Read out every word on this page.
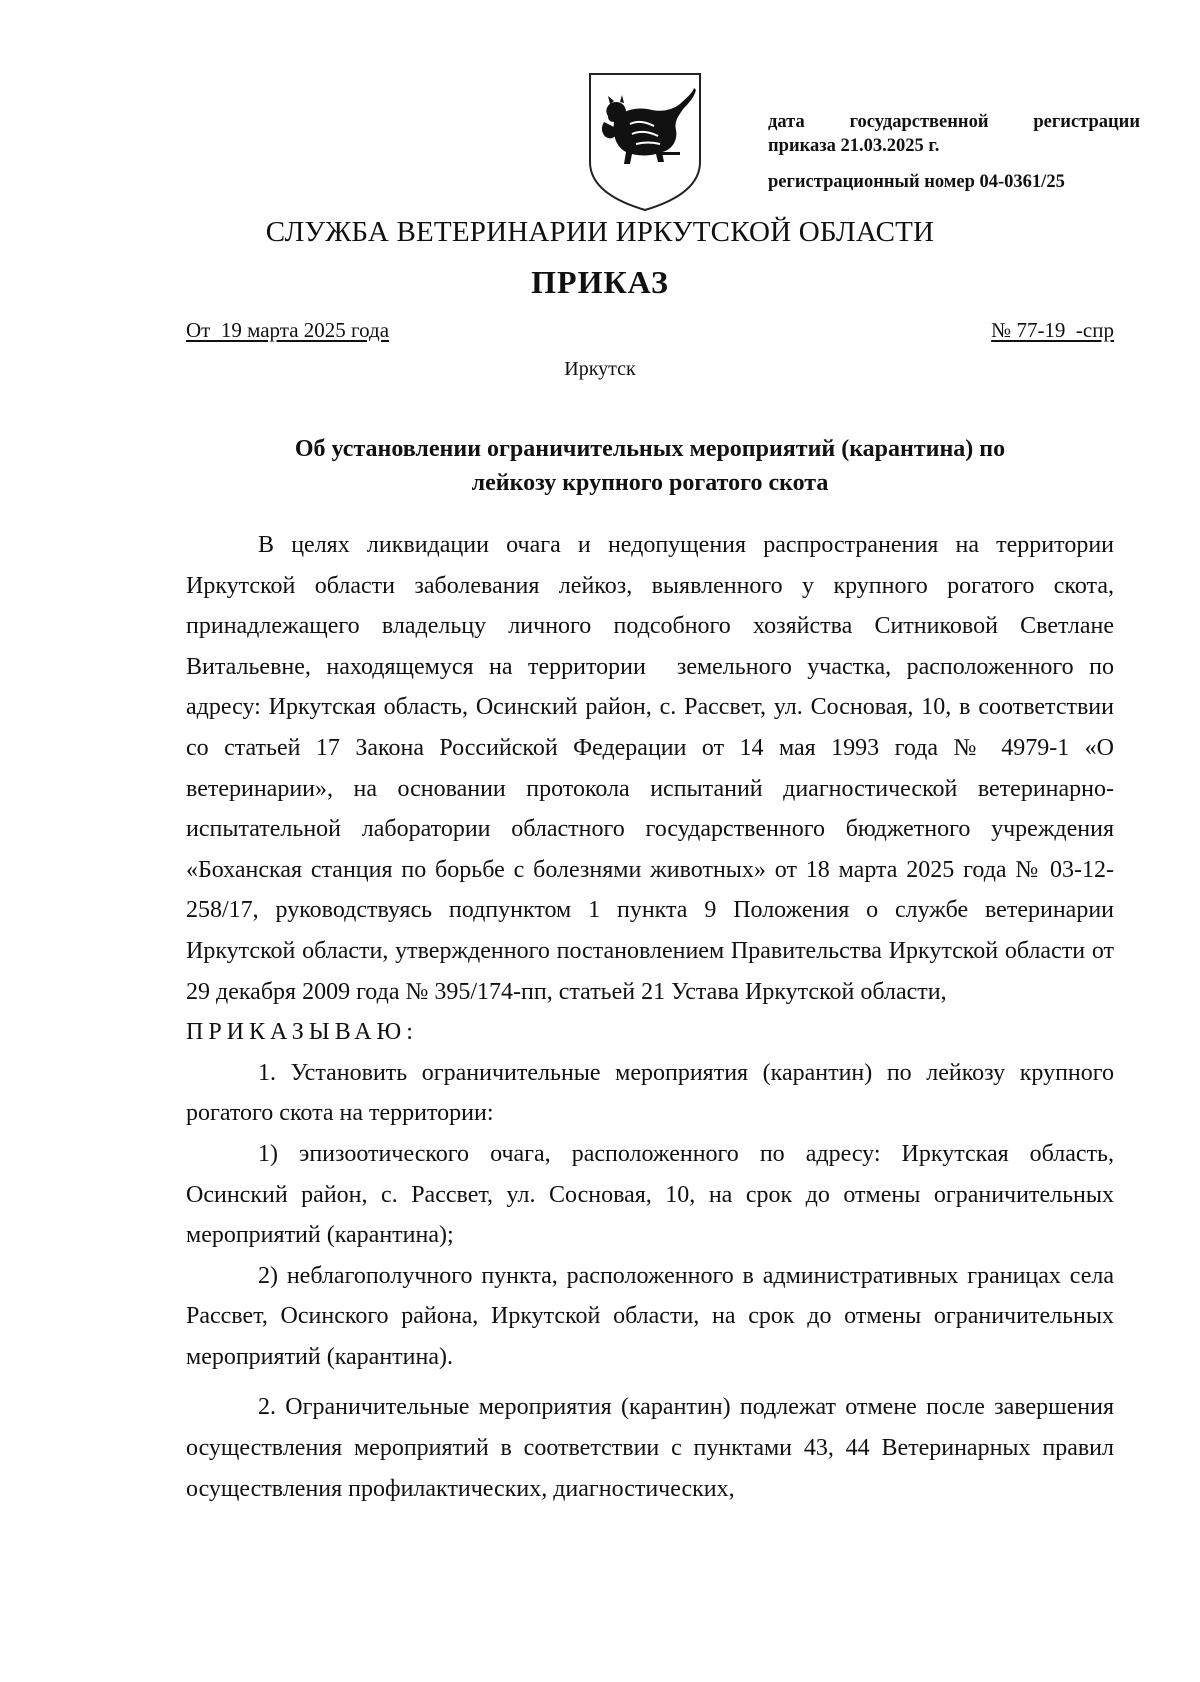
дата государственной регистрации
приказа 21.03.2025 г.
регистрационный номер 04-0361/25
СЛУЖБА ВЕТЕРИНАРИИ ИРКУТСКОЙ ОБЛАСТИ
ПРИКАЗ
От  19 марта 2025 года	№ 77-19  -спр
Иркутск
Об установлении ограничительных мероприятий (карантина) по
лейкозу крупного рогатого скота

В целях ликвидации очага и недопущения распространения на территории Иркутской области заболевания лейкоз, выявленного у крупного рогатого скота, принадлежащего владельцу личного подсобного хозяйства Ситниковой Светлане Витальевне, находящемуся на территории  земельного участка, расположенного по адресу: Иркутская область, Осинский район, с. Рассвет, ул. Сосновая, 10, в соответствии со статьей 17 Закона Российской Федерации от 14 мая 1993 года № 4979-1 «О ветеринарии», на основании протокола испытаний диагностической ветеринарно-испытательной лаборатории областного государственного бюджетного учреждения «Боханская станция по борьбе с болезнями животных» от 18 марта 2025 года № 03-12-258/17, руководствуясь подпунктом 1 пункта 9 Положения о службе ветеринарии Иркутской области, утвержденного постановлением Правительства Иркутской области от 29 декабря 2009 года № 395/174-пп, статьей 21 Устава Иркутской области,

ПРИКАЗЫВАЮ:

1. Установить ограничительные мероприятия (карантин) по лейкозу крупного рогатого скота на территории:

1) эпизоотического очага, расположенного по адресу: Иркутская область, Осинский район, с. Рассвет, ул. Сосновая, 10, на срок до отмены ограничительных мероприятий (карантина);

2) неблагополучного пункта, расположенного в административных границах села Рассвет, Осинского района, Иркутской области, на срок до отмены ограничительных мероприятий (карантина).

2. Ограничительные мероприятия (карантин) подлежат отмене после завершения осуществления мероприятий в соответствии с пунктами 43, 44 Ветеринарных правил осуществления профилактических, диагностических,
